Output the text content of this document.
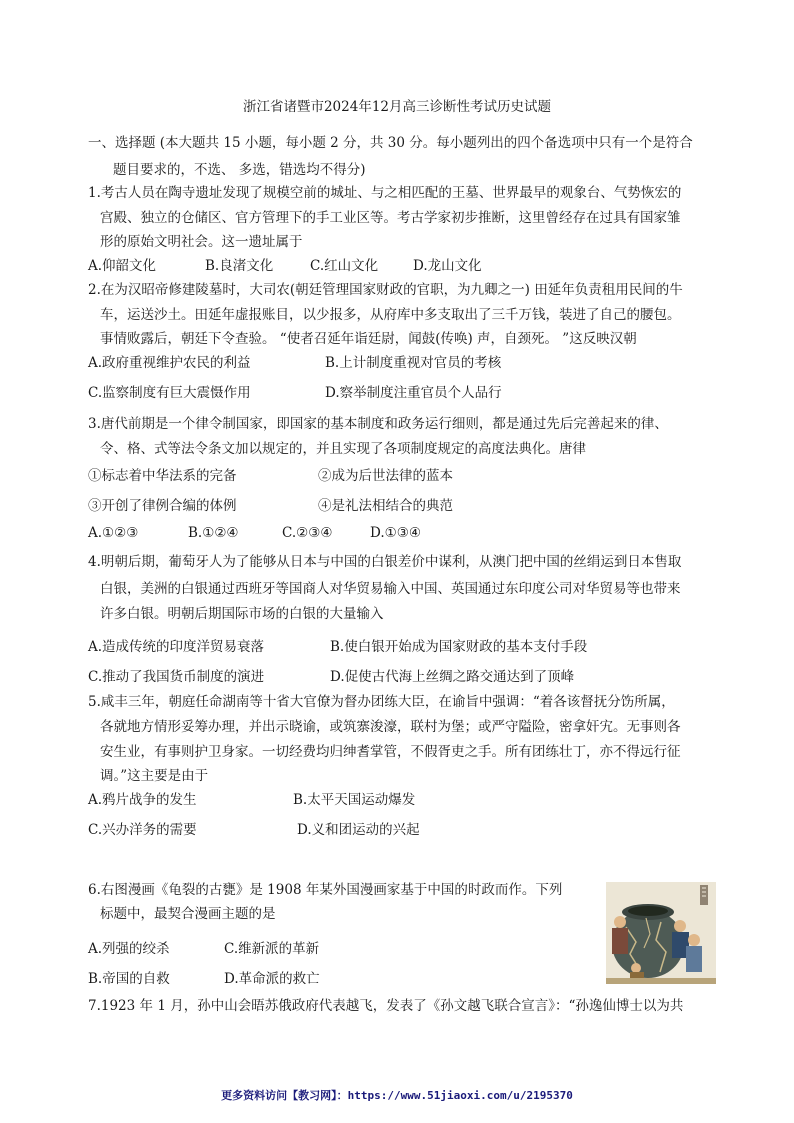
浙江省诸暨市2024年12月高三诊断性考试历史试题
一、选择题 (本大题共 15 小题，每小题 2 分，共 30 分。每小题列出的四个备选项中只有一个是符合
题目要求的，不选、 多选，错选均不得分)
1.考古人员在陶寺遗址发现了规模空前的城址、与之相匹配的王墓、世界最早的观象台、气势恢宏的
宫殿、独立的仓储区、官方管理下的手工业区等。考古学家初步推断，这里曾经存在过具有国家雏
形的原始文明社会。这一遗址属于
A.仰韶文化	B.良渚文化	C.红山文化	D.龙山文化
2.在为汉昭帝修建陵墓时，大司农(朝廷管理国家财政的官职，为九卿之一) 田延年负责租用民间的牛
车，运送沙土。田延年虚报账目，以少报多，从府库中多支取出了三千万钱，装进了自己的腰包。
事情败露后，朝廷下令查验。 “使者召延年诣廷尉，闻鼓(传唤) 声，自颈死。 ”这反映汉朝
A.政府重视维护农民的利益	B.上计制度重视对官员的考核
C.监察制度有巨大震慑作用	D.察举制度注重官员个人品行
3.唐代前期是一个律令制国家，即国家的基本制度和政务运行细则，都是通过先后完善起来的律、
令、格、式等法令条文加以规定的，并且实现了各项制度规定的高度法典化。唐律
①标志着中华法系的完备	②成为后世法律的蓝本
③开创了律例合编的体例	④是礼法相结合的典范
A.①②③	B.①②④	C.②③④	D.①③④
4.明朝后期，葡萄牙人为了能够从日本与中国的白银差价中谋利，从澳门把中国的丝绢运到日本售取
白银，美洲的白银通过西班牙等国商人对华贸易输入中国、英国通过东印度公司对华贸易等也带来
许多白银。明朝后期国际市场的白银的大量输入
A.造成传统的印度洋贸易衰落	B.使白银开始成为国家财政的基本支付手段
C.推动了我国货币制度的演进	D.促使古代海上丝绸之路交通达到了顶峰
5.咸丰三年，朝庭任命湖南等十省大官僚为督办团练大臣，在谕旨中强调：“着各该督抚分饬所属，
各就地方情形妥筹办理，并出示晓谕，或筑寨浚濠，联村为堡；或严守隘险，密拿奸宄。无事则各
安生业，有事则护卫身家。一切经费均归绅耆掌管，不假胥吏之手。所有团练壮丁，亦不得远行征
调。”这主要是由于
A.鸦片战争的发生	B.太平天国运动爆发
C.兴办洋务的需要	D.义和团运动的兴起
6.右图漫画《龟裂的古甕》是 1908 年某外国漫画家基于中国的时政而作。下列
标题中，最契合漫画主题的是
A.列强的绞杀	C.维新派的革新
B.帝国的自救	D.革命派的救亡
7.1923 年 1 月，孙中山会晤苏俄政府代表越飞，发表了《孙文越飞联合宣言》：“孙逸仙博士以为共
更多资料访问【教习网】：https://www.51jiaoxi.com/u/2195370
